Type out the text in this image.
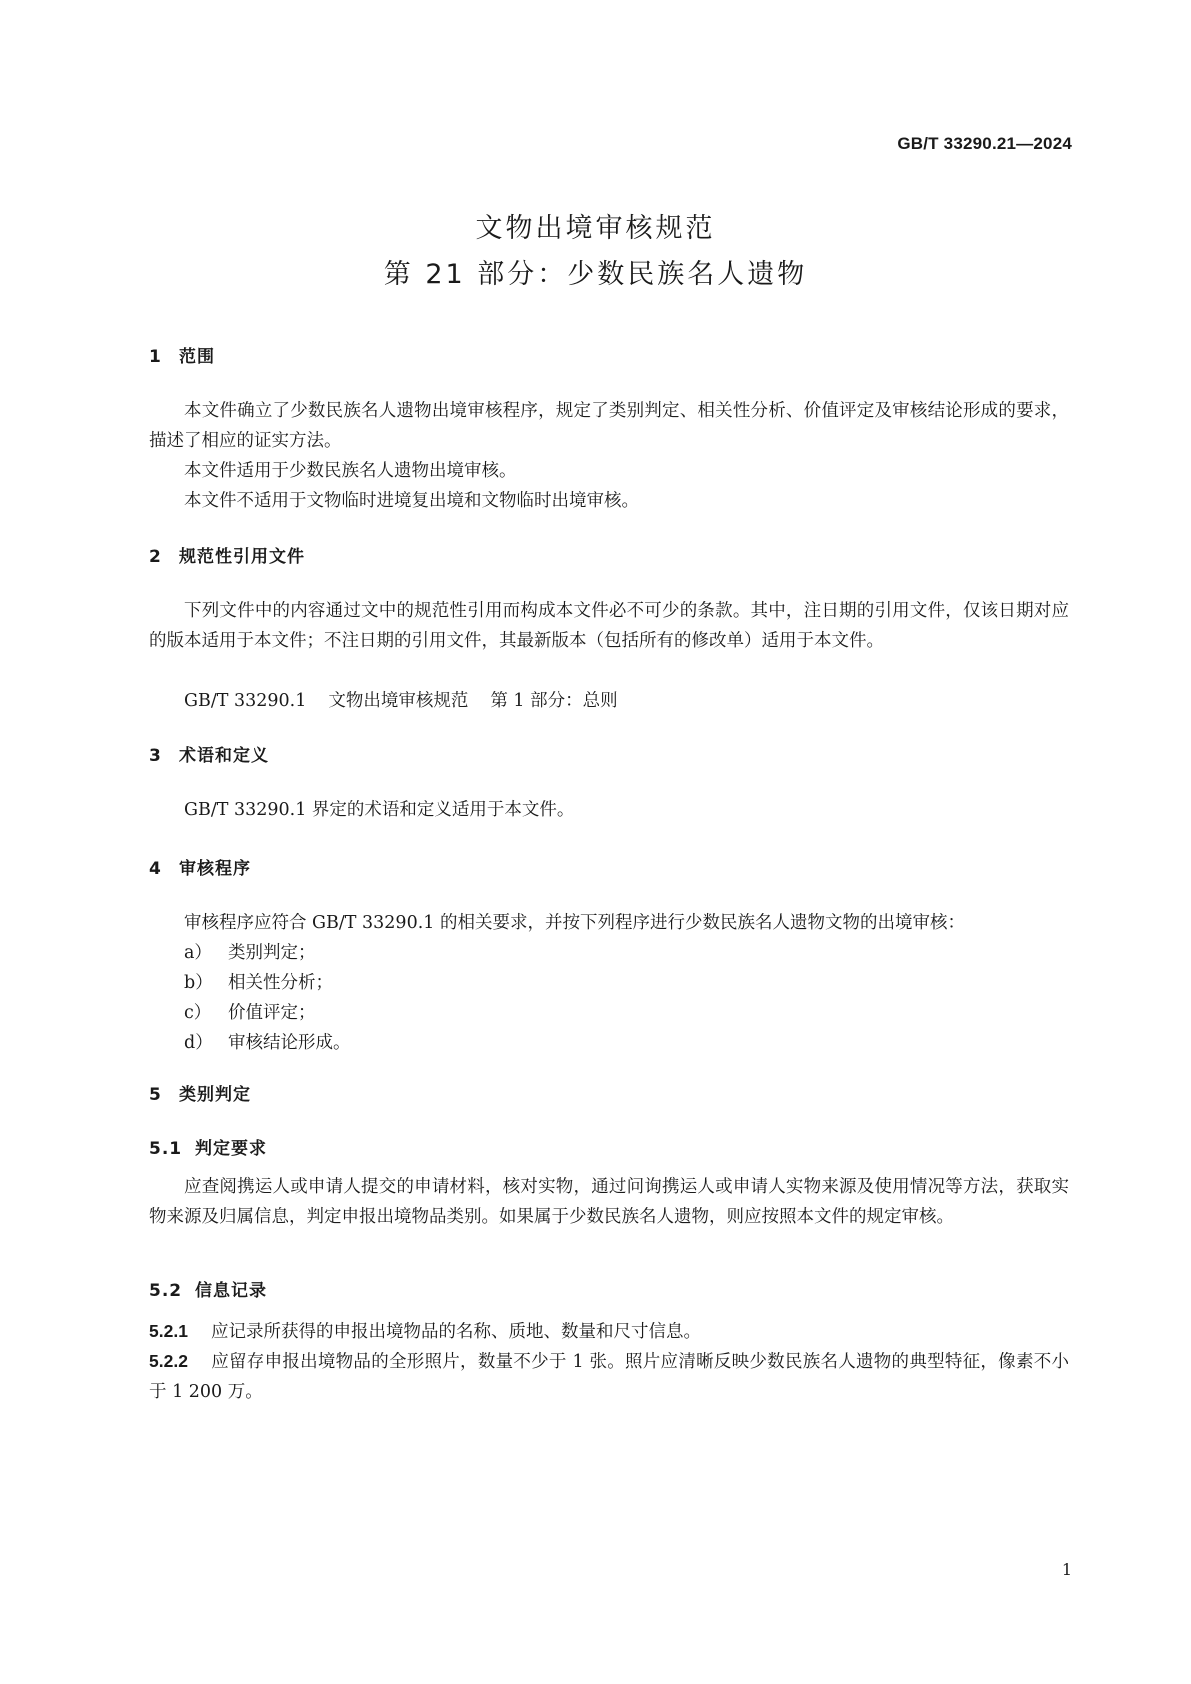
GB/T 33290.21—2024
文物出境审核规范
第 21 部分：少数民族名人遗物
1 范围

本文件确立了少数民族名人遗物出境审核程序，规定了类别判定、相关性分析、价值评定及审核结论形成的要求，描述了相应的证实方法。

本文件适用于少数民族名人遗物出境审核。

本文件不适用于文物临时进境复出境和文物临时出境审核。

2 规范性引用文件

下列文件中的内容通过文中的规范性引用而构成本文件必不可少的条款。其中，注日期的引用文件，仅该日期对应的版本适用于本文件；不注日期的引用文件，其最新版本（包括所有的修改单）适用于本文件。

GB/T 33290.1 文物出境审核规范 第 1 部分：总则
3 术语和定义

GB/T 33290.1 界定的术语和定义适用于本文件。

4 审核程序

审核程序应符合 GB/T 33290.1 的相关要求，并按下列程序进行少数民族名人遗物文物的出境审核：

a） 类别判定；
b） 相关性分析；
c） 价值评定；
d） 审核结论形成。
5 类别判定
5.1 判定要求

应查阅携运人或申请人提交的申请材料，核对实物，通过问询携运人或申请人实物来源及使用情况等方法，获取实物来源及归属信息，判定申报出境物品类别。如果属于少数民族名人遗物，则应按照本文件的规定审核。

5.2 信息记录

5.2.1 应记录所获得的申报出境物品的名称、质地、数量和尺寸信息。

5.2.2 应留存申报出境物品的全形照片，数量不少于 1 张。照片应清晰反映少数民族名人遗物的典型特征，像素不小于 1 200 万。

1
